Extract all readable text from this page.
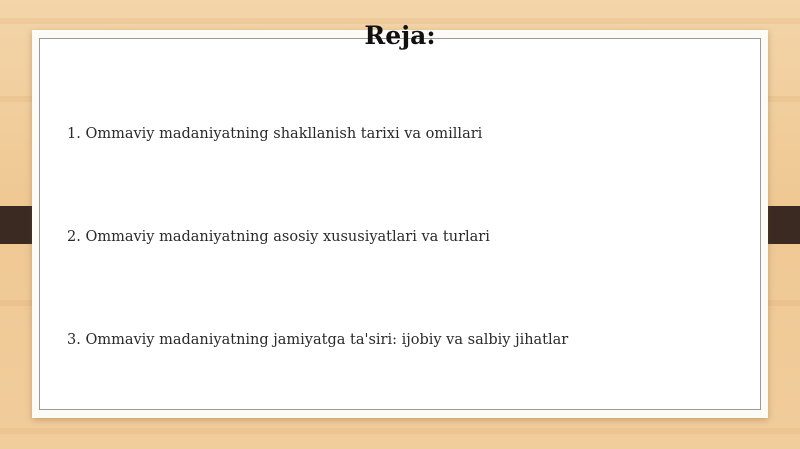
Reja:
1. Ommaviy madaniyatning shakllanish tarixi va omillari
2. Ommaviy madaniyatning asosiy xususiyatlari va turlari
3. Ommaviy madaniyatning jamiyatga ta'siri: ijobiy va salbiy jihatlar
